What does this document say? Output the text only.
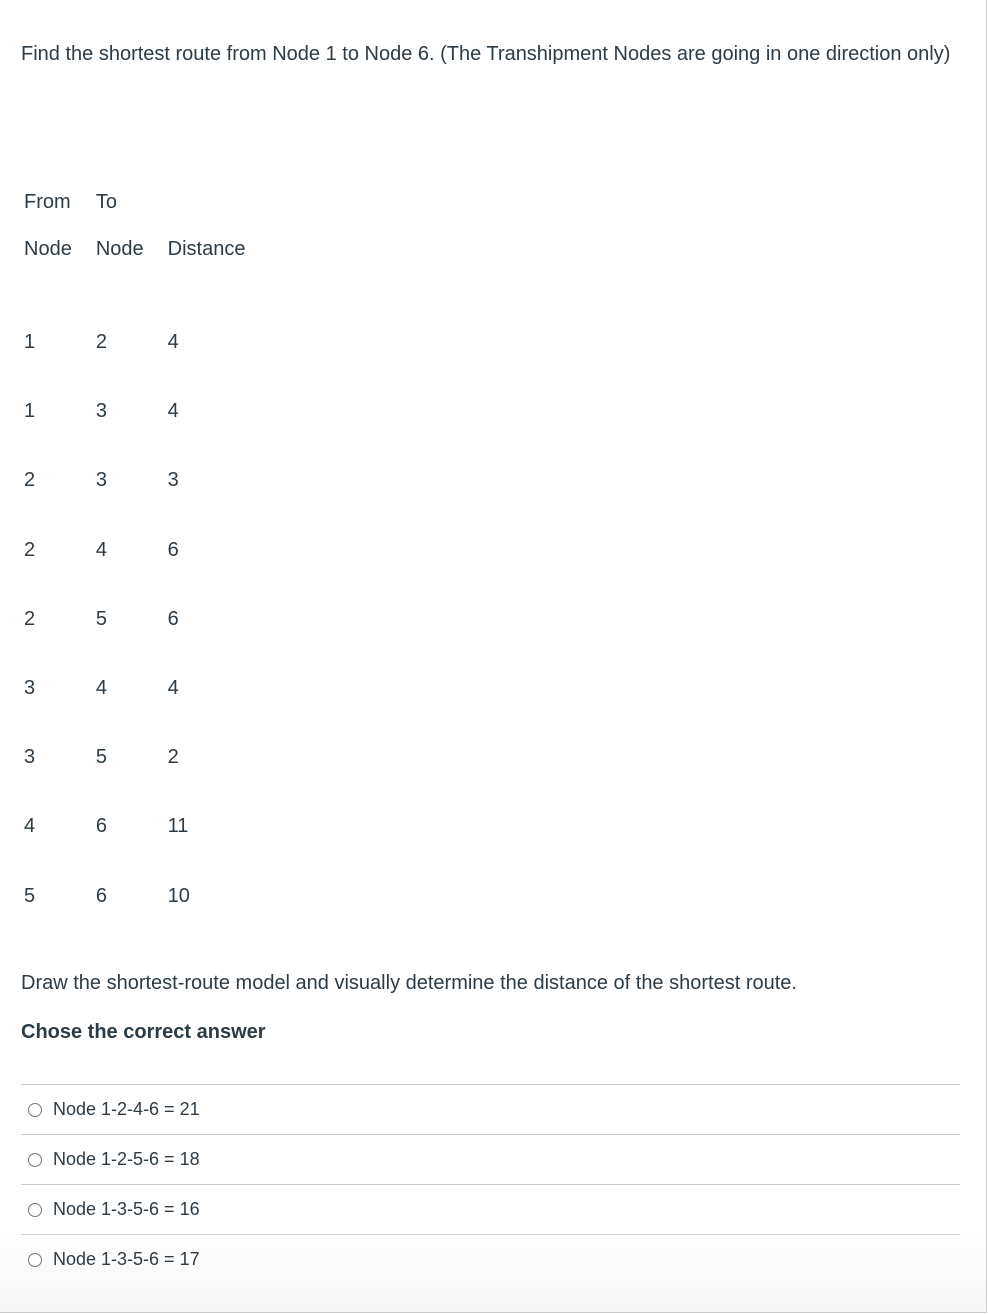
Find the shortest route from Node 1 to Node 6. (The Transhipment Nodes are going in one direction only)

From	To	
Node	Node	Distance

1	2	4
1	3	4
2	3	3
2	4	6
2	5	6
3	4	4
3	5	2
4	6	11
5	6	10

Draw the shortest-route model and visually determine the distance of the shortest route.

Chose the correct answer

Node 1-2-4-6 = 21
Node 1-2-5-6 = 18
Node 1-3-5-6 = 16
Node 1-3-5-6 = 17
